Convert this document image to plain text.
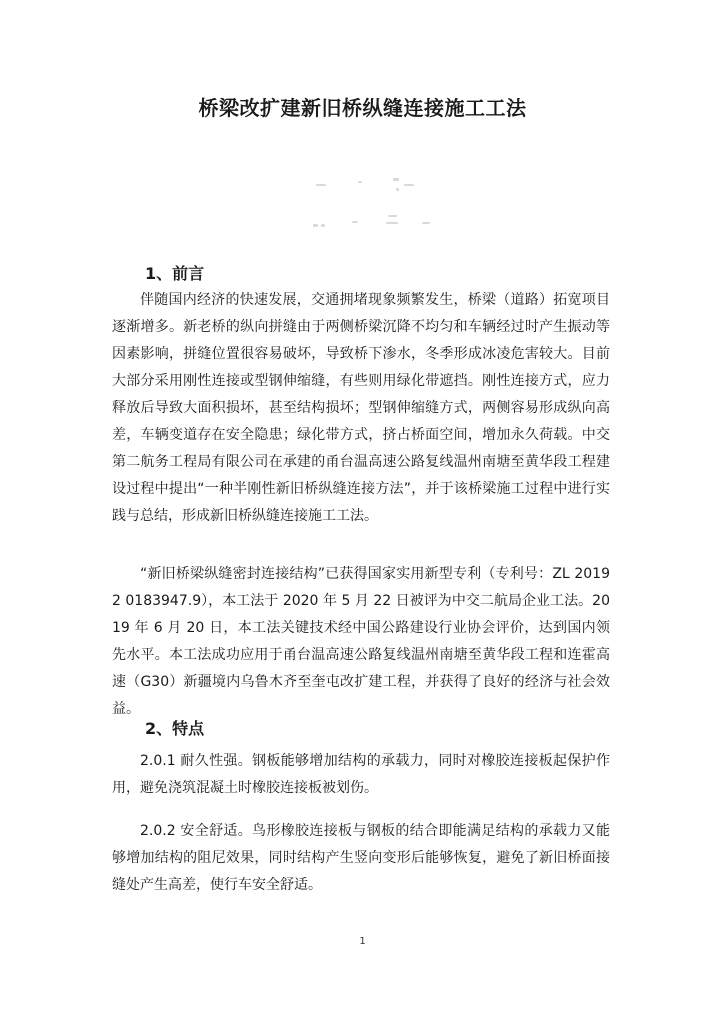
桥梁改扩建新旧桥纵缝连接施工工法
1、前言

伴随国内经济的快速发展，交通拥堵现象频繁发生，桥梁（道路）拓宽项目逐渐增多。新老桥的纵向拼缝由于两侧桥梁沉降不均匀和车辆经过时产生振动等因素影响，拼缝位置很容易破坏，导致桥下渗水，冬季形成冰凌危害较大。目前大部分采用刚性连接或型钢伸缩缝，有些则用绿化带遮挡。刚性连接方式，应力释放后导致大面积损坏，甚至结构损坏；型钢伸缩缝方式，两侧容易形成纵向高差，车辆变道存在安全隐患；绿化带方式，挤占桥面空间，增加永久荷载。中交第二航务工程局有限公司在承建的甬台温高速公路复线温州南塘至黄华段工程建设过程中提出“一种半刚性新旧桥纵缝连接方法”，并于该桥梁施工过程中进行实践与总结，形成新旧桥纵缝连接施工工法。

“新旧桥梁纵缝密封连接结构”已获得国家实用新型专利（专利号：ZL 2019 2 0183947.9），本工法于 2020 年 5 月 22 日被评为中交二航局企业工法。2019 年 6 月 20 日，本工法关键技术经中国公路建设行业协会评价，达到国内领先水平。本工法成功应用于甬台温高速公路复线温州南塘至黄华段工程和连霍高速（G30）新疆境内乌鲁木齐至奎屯改扩建工程，并获得了良好的经济与社会效益。

2、特点

2.0.1 耐久性强。钢板能够增加结构的承载力，同时对橡胶连接板起保护作用，避免浇筑混凝土时橡胶连接板被划伤。

2.0.2 安全舒适。鸟形橡胶连接板与钢板的结合即能满足结构的承载力又能够增加结构的阻尼效果，同时结构产生竖向变形后能够恢复，避免了新旧桥面接缝处产生高差，使行车安全舒适。

1
